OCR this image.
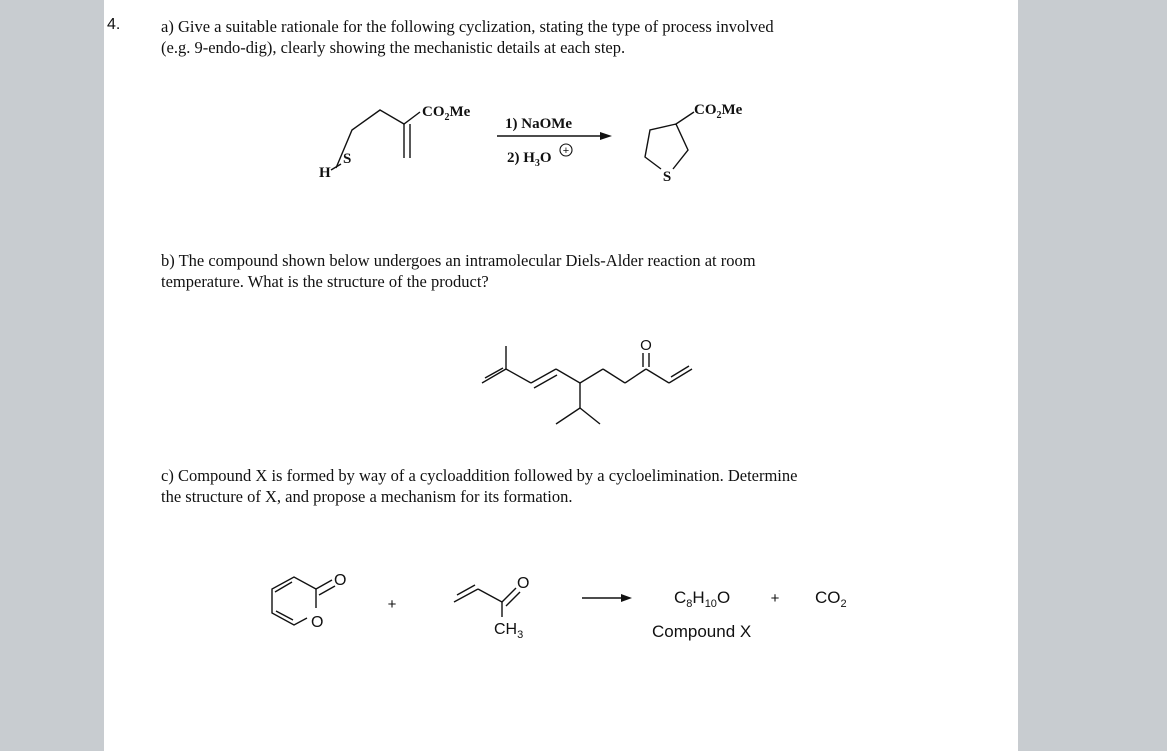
4. a) Give a suitable rationale for the following cyclization, stating the type of process involved
(e.g. 9-endo-dig), clearly showing the mechanistic details at each step.
H
S
$CO_2Me$
1) NaOMe
2) $H_3O$ +
S
$CO_2Me$
b) The compound shown below undergoes an intramolecular Diels-Alder reaction at room
temperature. What is the structure of the product?
O
c) Compound X is formed by way of a cycloaddition followed by a cycloelimination. Determine
the structure of X, and propose a mechanism for its formation.
O
O
+
O
$CH_3$
$C_8H_{10}O$	+ $CO_2$
Compound X
